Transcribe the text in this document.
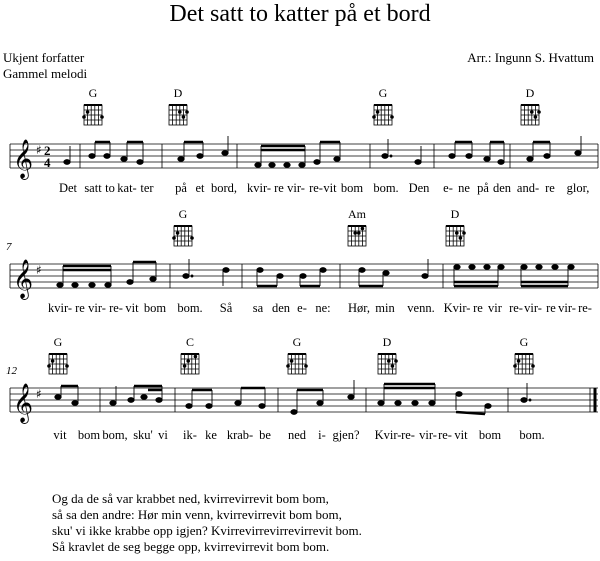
Det satt to katter på et bord
Ukjent forfatter
Gammel melodi
Arr.: Ingunn S. Hvattum
𝄞 ♯ 2
4
𝄞 ♯
𝄞 ♯
7
12
G	D	G	D
G	Am	D
G	C	G	D	G
Det satt to kat- ter på et bord, kvir- re vir- re- vit bom bom. Den e- ne på den and- re glor,
kvir- re vir- re- vit bom bom. Så sa den e- ne: Hør, min venn. Kvir- re vir re- vir- re vir- re-
vit bom bom, sku' vi ik- ke krab- be ned i- gjen? Kvir- re- vir- re- vit bom bom.
Og da de så var krabbet ned, kvirrevirrevit bom bom,
så sa den andre: Hør min venn, kvirrevirrevit bom bom,
sku' vi ikke krabbe opp igjen? Kvirrevirrevirrevirrevit bom.
Så kravlet de seg begge opp, kvirrevirrevit bom bom.
